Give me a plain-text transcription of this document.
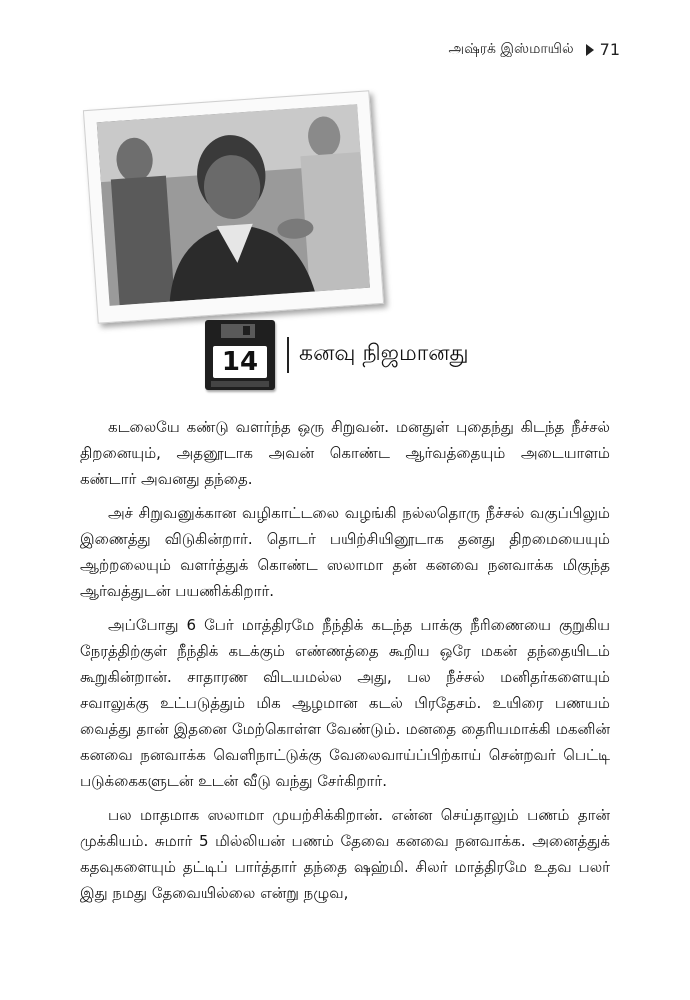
அஷ்ரக் இஸ்மாயில் 71
14	கனவு நிஜமானது

கடலையே கண்டு வளர்ந்த ஒரு சிறுவன். மனதுள் புதைந்து கிடந்த நீச்சல் திறனையும், அதனூடாக அவன் கொண்ட ஆர்வத்தையும் அடையாளம் கண்டார் அவனது தந்தை.

அச் சிறுவனுக்கான வழிகாட்டலை வழங்கி நல்லதொரு நீச்சல் வகுப்பிலும் இணைத்து விடுகின்றார். தொடர் பயிற்சியினூடாக தனது திறமையையும் ஆற்றலையும் வளர்த்துக் கொண்ட ஸலாமா தன் கனவை நனவாக்க மிகுந்த ஆர்வத்துடன் பயணிக்கிறார்.

அப்போது 6 பேர் மாத்திரமே நீந்திக் கடந்த பாக்கு நீரிணையை குறுகிய நேரத்திற்குள் நீந்திக் கடக்கும் எண்ணத்தை கூறிய ஒரே மகன் தந்தையிடம் கூறுகின்றான். சாதாரண விடயமல்ல அது, பல நீச்சல் மனிதர்களையும் சவாலுக்கு உட்படுத்தும் மிக ஆழமான கடல் பிரதேசம். உயிரை பணயம் வைத்து தான் இதனை மேற்கொள்ள வேண்டும். மனதை தைரியமாக்கி மகனின் கனவை நனவாக்க வெளிநாட்டுக்கு வேலைவாய்ப்பிற்காய் சென்றவர் பெட்டி படுக்கைகளுடன் உடன் வீடு வந்து சேர்கிறார்.

பல மாதமாக ஸலாமா முயற்சிக்கிறான். என்ன செய்தாலும் பணம் தான் முக்கியம். சுமார் 5 மில்லியன் பணம் தேவை கனவை நனவாக்க. அனைத்துக் கதவுகளையும் தட்டிப் பார்த்தார் தந்தை ஷஹ்மி. சிலர் மாத்திரமே உதவ பலர் இது நமது தேவையில்லை என்று நழுவ,
